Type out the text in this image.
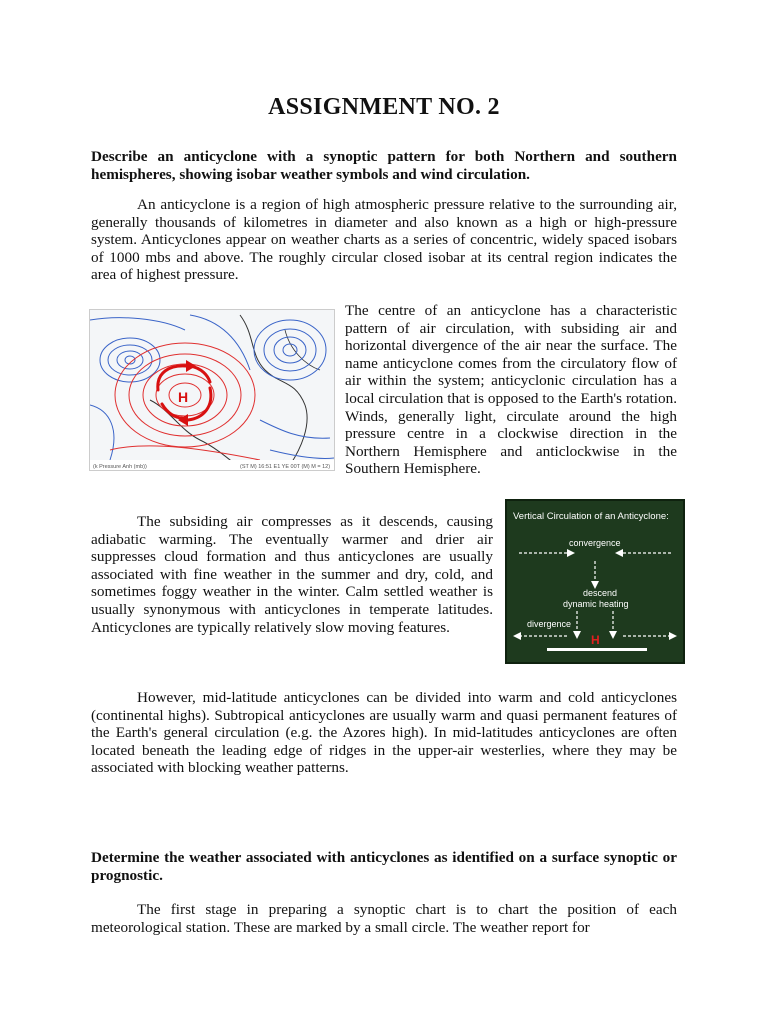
ASSIGNMENT NO. 2

Describe an anticyclone with a synoptic pattern for both Northern and southern hemispheres, showing isobar weather symbols and wind circulation.

An anticyclone is a region of high atmospheric pressure relative to the surrounding air, generally thousands of kilometres in diameter and also known as a high or high-pressure system. Anticyclones appear on weather charts as a series of concentric, widely spaced isobars of 1000 mbs and above. The roughly circular closed isobar at its central region indicates the area of highest pressure.

H
(k Pressure Anh (mb))	(ST M) 16:51 E1 YE 00T (M) M = 12)

The centre of an anticyclone has a characteristic pattern of air circulation, with subsiding air and horizontal divergence of the air near the surface. The name anticyclone comes from the circulatory flow of air within the system; anticyclonic circulation has a local circulation that is opposed to the Earth's rotation. Winds, generally light, circulate around the high pressure centre in a clockwise direction in the Northern Hemisphere and anticlockwise in the Southern Hemisphere.

The subsiding air compresses as it descends, causing adiabatic warming. The eventually warmer and drier air suppresses cloud formation and thus anticyclones are usually associated with fine weather in the summer and dry, cold, and sometimes foggy weather in the winter. Calm settled weather is usually synonymous with anticyclones in temperate latitudes. Anticyclones are typically relatively slow moving features.

Vertical Circulation of an Anticyclone:
convergence
descend
dynamic heating
divergence
H

However, mid-latitude anticyclones can be divided into warm and cold anticyclones (continental highs). Subtropical anticyclones are usually warm and quasi permanent features of the Earth's general circulation (e.g. the Azores high). In mid-latitudes anticyclones are often located beneath the leading edge of ridges in the upper-air westerlies, where they may be associated with blocking weather patterns.

Determine the weather associated with anticyclones as identified on a surface synoptic or prognostic.

The first stage in preparing a synoptic chart is to chart the position of each meteorological station. These are marked by a small circle. The weather report for
